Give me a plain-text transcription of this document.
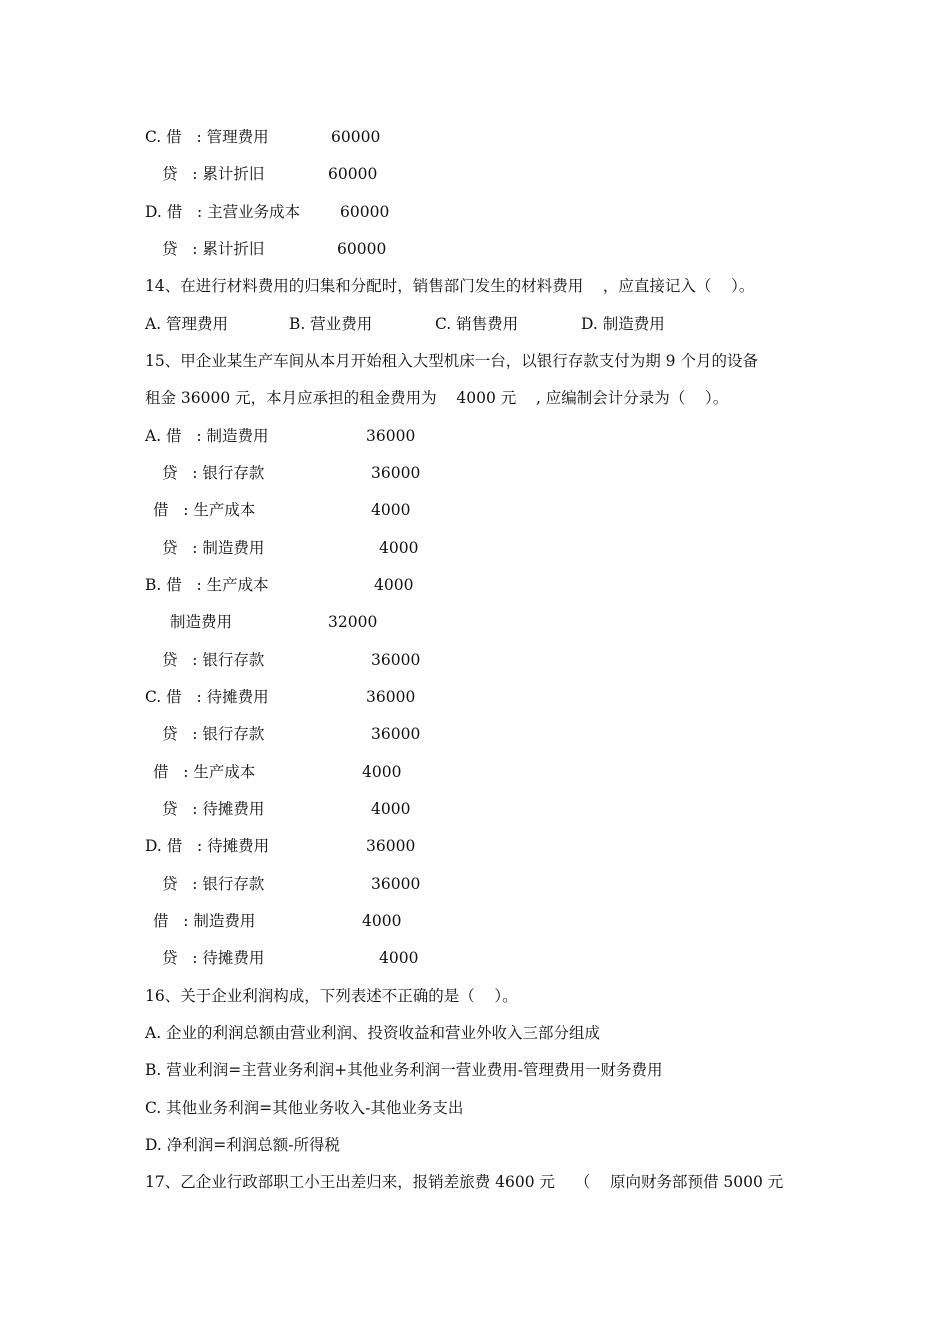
C. 借   : 管理费用	60000
贷   : 累计折旧	60000
D. 借   : 主营业务成本	60000
贷   : 累计折旧	60000
14、在进行材料费用的归集和分配时，销售部门发生的材料费用    ，应直接记入（    ）。
A. 管理费用	B. 营业费用	C. 销售费用	D. 制造费用
15、甲企业某生产车间从本月开始租入大型机床一台，以银行存款支付为期 9 个月的设备
租金 36000 元，本月应承担的租金费用为    4000 元    , 应编制会计分录为（    ）。
A. 借   : 制造费用	36000
贷   : 银行存款	36000
借   : 生产成本	4000
贷   : 制造费用	4000
B. 借   : 生产成本	4000
制造费用	32000
贷   : 银行存款	36000
C. 借   : 待摊费用	36000
贷   : 银行存款	36000
借   : 生产成本	4000
贷   : 待摊费用	4000
D. 借   : 待摊费用	36000
贷   : 银行存款	36000
借   : 制造费用	4000
贷   : 待摊费用	4000
16、关于企业利润构成，下列表述不正确的是（    ）。
A. 企业的利润总额由营业利润、投资收益和营业外收入三部分组成
B. 营业利润=主营业务利润+其他业务利润一营业费用-管理费用一财务费用
C. 其他业务利润=其他业务收入-其他业务支出
D. 净利润=利润总额-所得税
17、乙企业行政部职工小王出差归来，报销差旅费 4600 元    （    原向财务部预借 5000 元
